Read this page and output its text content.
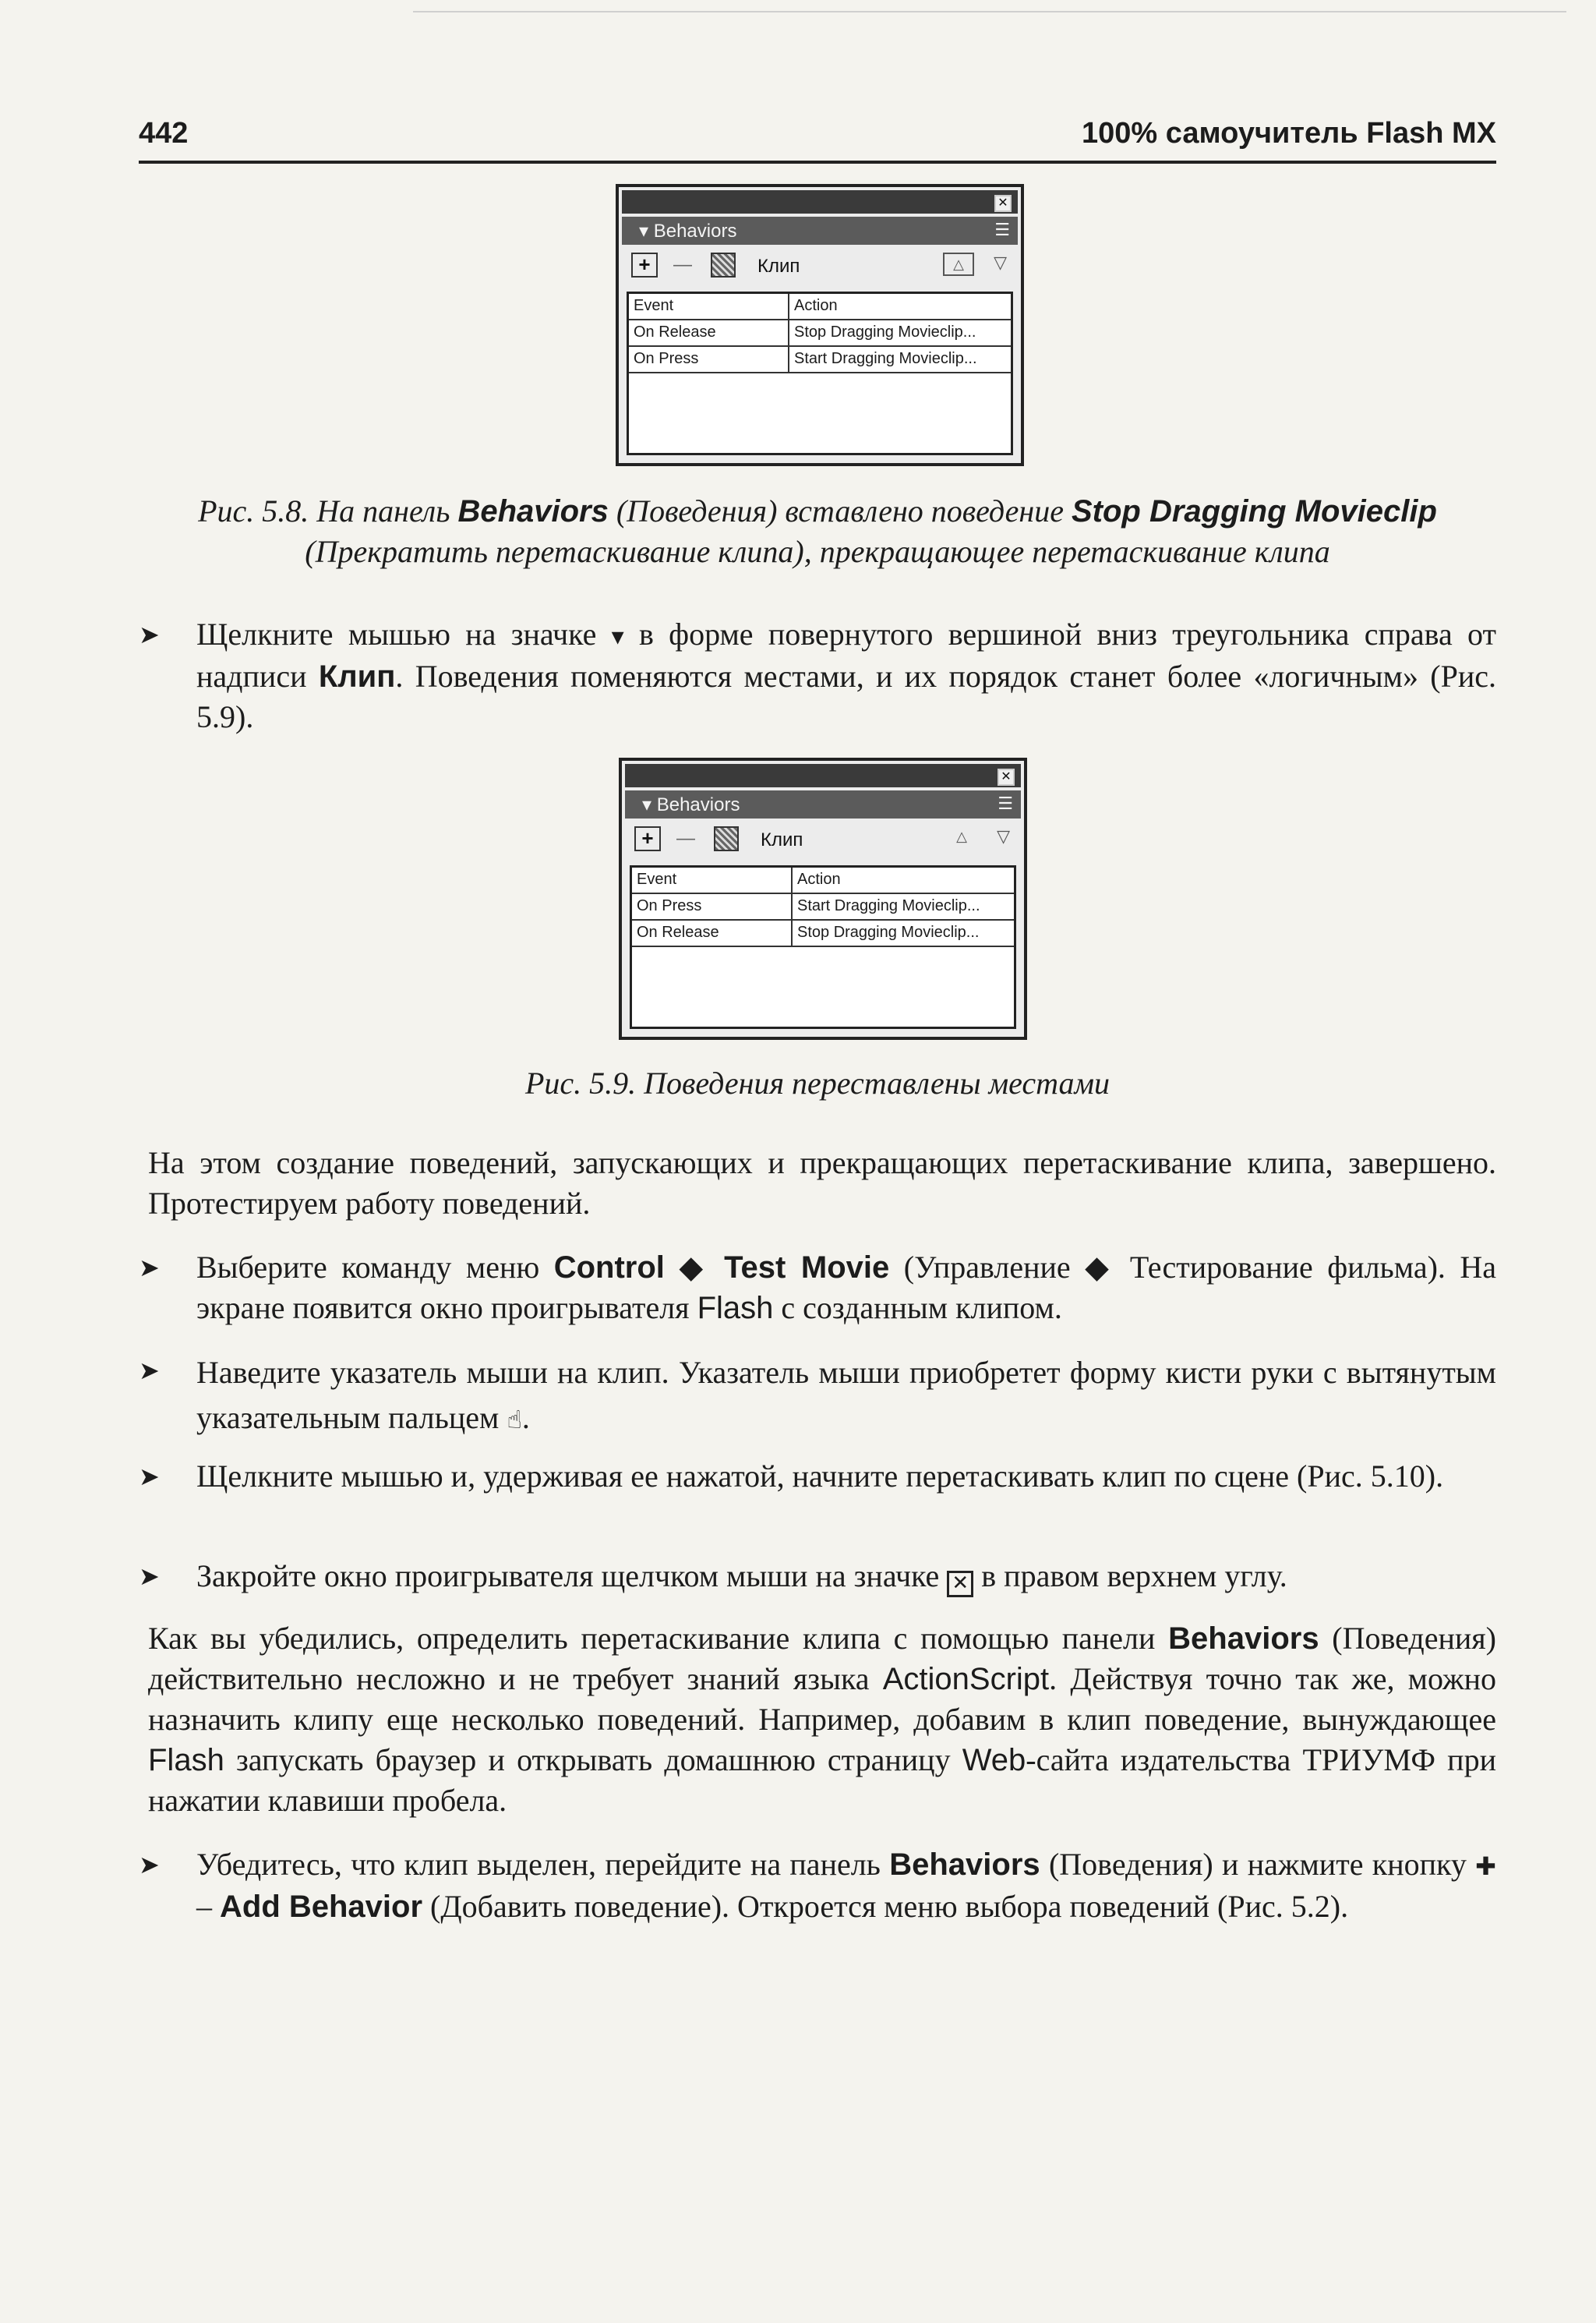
442	100% самоучитель Flash MX
✕
▾ Behaviors	☰
+	—	Клип	△	▽
Event	Action
On Release	Stop Dragging Movieclip...
On Press	Start Dragging Movieclip...
Рис. 5.8. На панель Behaviors (Поведения) вставлено поведение Stop Dragging Movieclip
(Прекратить перетаскивание клипа), прекращающее перетаскивание клипа
➤ Щелкните мышью на значке ▾ в форме повернутого вершиной вниз треугольника справа от надписи Клип. Поведения поменяются местами, и их порядок станет более «логичным» (Рис. 5.9).
✕
▾ Behaviors	☰
+	—	Клип	△	▽
Event	Action
On Press	Start Dragging Movieclip...
On Release	Stop Dragging Movieclip...
Рис. 5.9. Поведения переставлены местами
На этом создание поведений, запускающих и прекращающих перетаскивание клипа, завершено. Протестируем работу поведений.
➤ Выберите команду меню Control ◆ Test Movie (Управление ◆ Тестирование фильма). На экране появится окно проигрывателя Flash с созданным клипом.
➤ Наведите указатель мыши на клип. Указатель мыши приобретет форму кисти руки с вытянутым указательным пальцем ☝.
➤ Щелкните мышью и, удерживая ее нажатой, начните перетаскивать клип по сцене (Рис. 5.10).
➤ Закройте окно проигрывателя щелчком мыши на значке ✕ в правом верхнем углу.
Как вы убедились, определить перетаскивание клипа с помощью панели Behaviors (Поведения) действительно несложно и не требует знаний языка ActionScript. Действуя точно так же, можно назначить клипу еще несколько поведений. Например, добавим в клип поведение, вынуждающее Flash запускать браузер и открывать домашнюю страницу Web-сайта издательства ТРИУМФ при нажатии клавиши пробела.
➤ Убедитесь, что клип выделен, перейдите на панель Behaviors (Поведения) и нажмите кнопку ✚ – Add Behavior (Добавить поведение). Откроется меню выбора поведений (Рис. 5.2).
